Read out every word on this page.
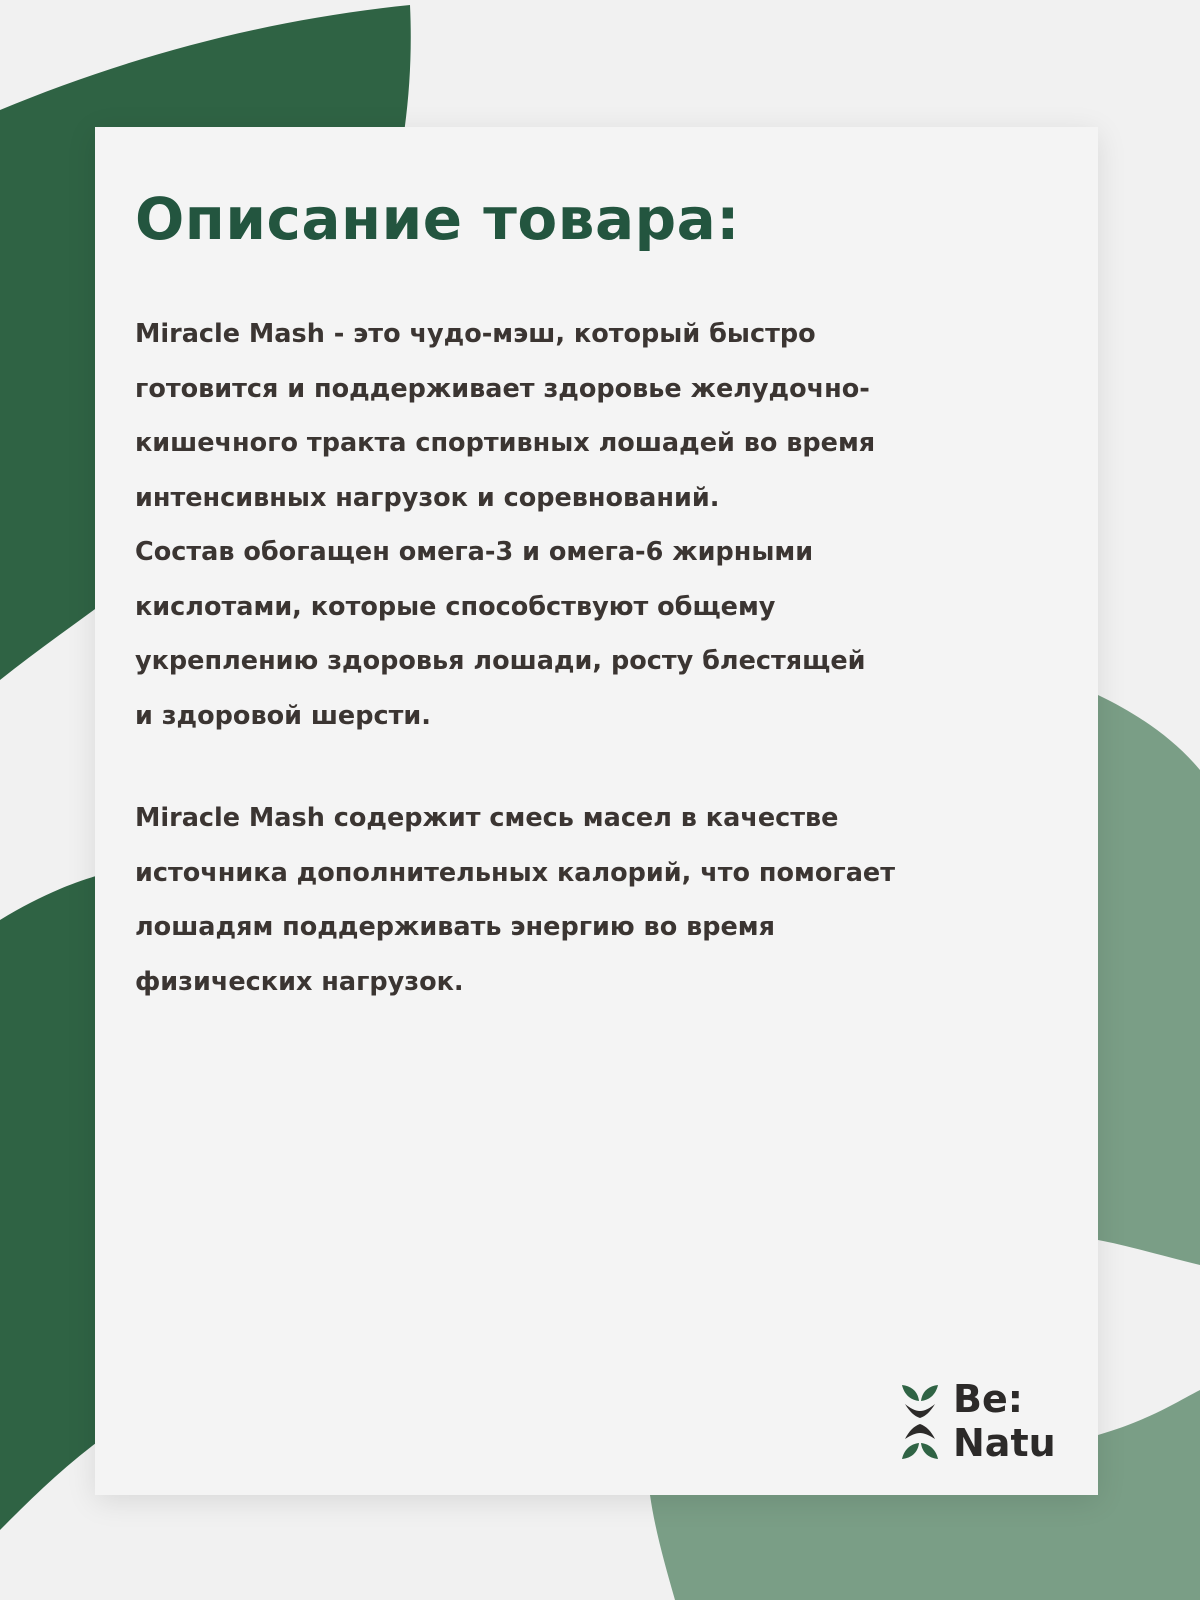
Описание товара:

Miracle Mash - это чудо-мэш, который быстро
готовится и поддерживает здоровье желудочно-
кишечного тракта спортивных лошадей во время
интенсивных нагрузок и соревнований.
Состав обогащен омега-3 и омега-6 жирными
кислотами, которые способствуют общему
укреплению здоровья лошади, росту блестящей
и здоровой шерсти.

Miracle Mash содержит смесь масел в качестве
источника дополнительных калорий, что помогает
лошадям поддерживать энергию во время
физических нагрузок.

Be:
Natu
